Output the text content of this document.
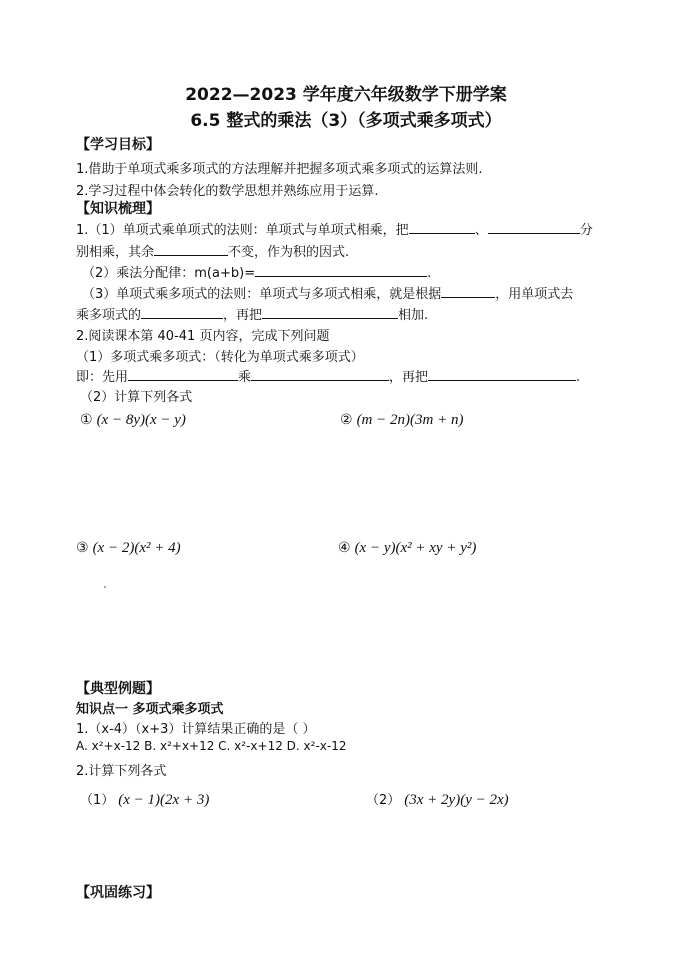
2022—2023 学年度六年级数学下册学案
6.5 整式的乘法（3）（多项式乘多项式）
【学习目标】
1.借助于单项式乘多项式的方法理解并把握多项式乘多项式的运算法则.
2.学习过程中体会转化的数学思想并熟练应用于运算.
【知识梳理】
1.（1）单项式乘单项式的法则：单项式与单项式相乘，把	、	分
别相乘，其余	不变，作为积的因式.
（2）乘法分配律：m(a+b)=	.
（3）单项式乘多项式的法则：单项式与多项式相乘，就是根据	，用单项式去
乘多项式的	，再把	相加.
2.阅读课本第 40-41 页内容，完成下列问题
（1）多项式乘多项式：（转化为单项式乘多项式）
即：先用	乘	，再把	.
（2）计算下列各式
① (x − 8y)(x − y)	② (m − 2n)(3m + n)
③ (x − 2)(x² + 4)	④ (x − y)(x² + xy + y²)
【典型例题】
知识点一 多项式乘多项式
1.（x-4）（x+3）计算结果正确的是（ ）
A. x²+x-12 B. x²+x+12 C. x²-x+12 D. x²-x-12
2.计算下列各式
（1） (x − 1)(2x + 3)	（2） (3x + 2y)(y − 2x)
【巩固练习】
